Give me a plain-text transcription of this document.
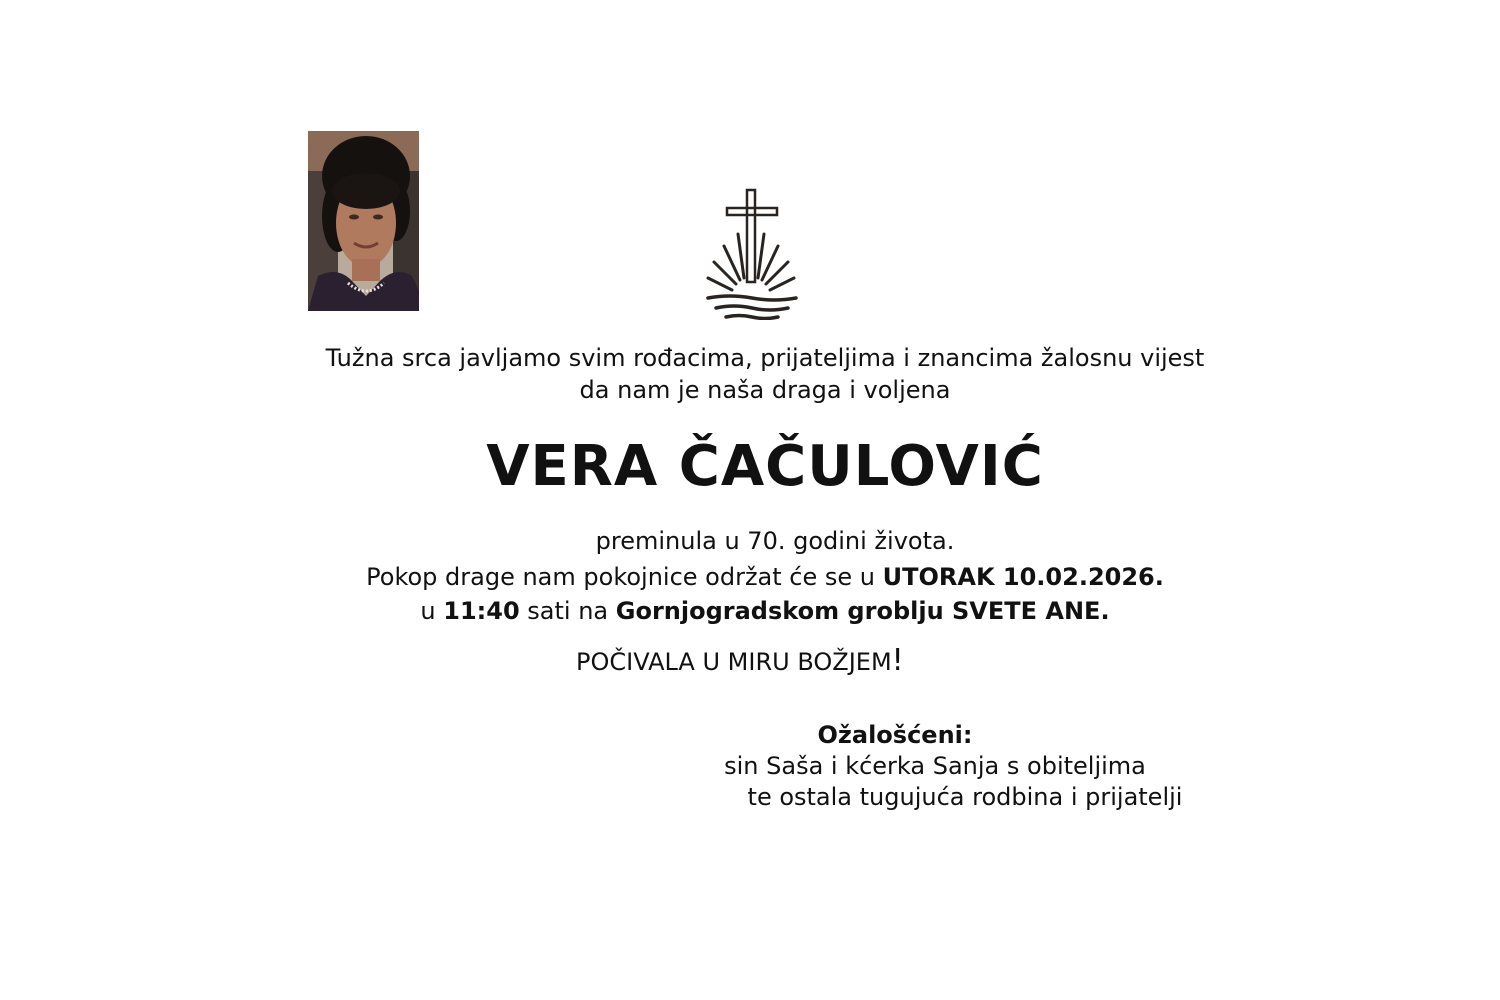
Tužna srca javljamo svim rođacima, prijateljima i znancima žalosnu vijest
da nam je naša draga i voljena
VERA ČAČULOVIĆ
preminula u 70. godini života.
Pokop drage nam pokojnice održat će se u UTORAK 10.02.2026.
u 11:40 sati na Gornjogradskom groblju SVETE ANE.
POČIVALA U MIRU BOŽJEM!
Ožalošćeni:
sin Saša i kćerka Sanja s obiteljima
te ostala tugujuća rodbina i prijatelji
